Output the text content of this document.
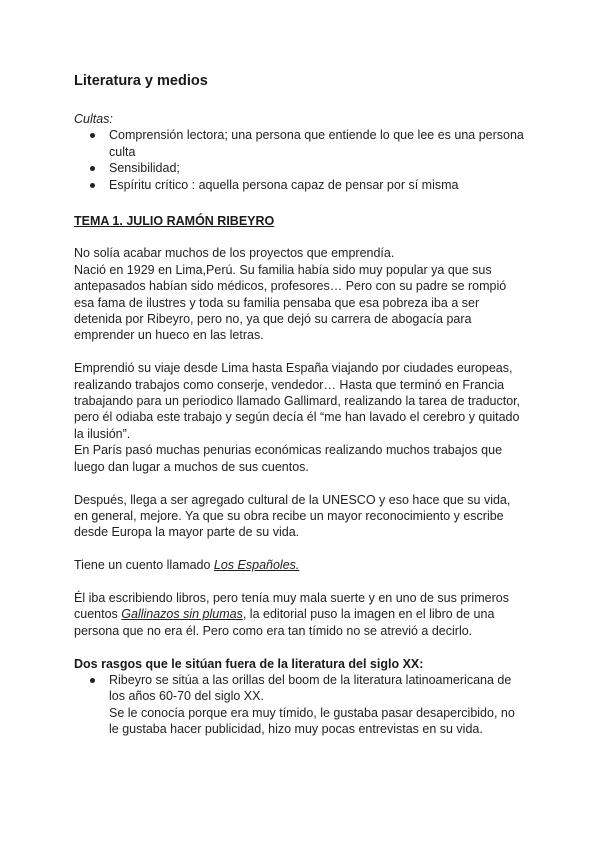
Literatura y medios

Cultas:

Comprensión lectora; una persona que entiende lo que lee es una persona culta
Sensibilidad;
Espíritu crítico : aquella persona capaz de pensar por sí misma
TEMA 1. JULIO RAMÓN RIBEYRO

No solía acabar muchos de los proyectos que emprendía.

Nació en 1929 en Lima,Perú. Su familia había sido muy popular ya que sus antepasados habían sido médicos, profesores… Pero con su padre se rompió esa fama de ilustres y toda su familia pensaba que esa pobreza iba a ser detenida por Ribeyro, pero no, ya que dejó su carrera de abogacía para emprender un hueco en las letras.

Emprendió su viaje desde Lima hasta España viajando por ciudades europeas, realizando trabajos como conserje, vendedor… Hasta que terminó en Francia trabajando para un periodico llamado Gallimard, realizando la tarea de traductor, pero él odiaba este trabajo y según decía él “me han lavado el cerebro y quitado la ilusión”.

En París pasó muchas penurias económicas realizando muchos trabajos que luego dan lugar a muchos de sus cuentos.

Después, llega a ser agregado cultural de la UNESCO y eso hace que su vida, en general, mejore. Ya que su obra recibe un mayor reconocimiento y escribe desde Europa la mayor parte de su vida.

Tiene un cuento llamado Los Españoles.

Él iba escribiendo libros, pero tenía muy mala suerte y en uno de sus primeros cuentos Gallinazos sin plumas, la editorial puso la imagen en el libro de una persona que no era él. Pero como era tan tímido no se atrevió a decirlo.

Dos rasgos que le sitúan fuera de la literatura del siglo XX:
Ribeyro se sitúa a las orillas del boom de la literatura latinoamericana de los años 60-70 del siglo XX.
Se le conocía porque era muy tímido, le gustaba pasar desapercibido, no le gustaba hacer publicidad, hizo muy pocas entrevistas en su vida.
